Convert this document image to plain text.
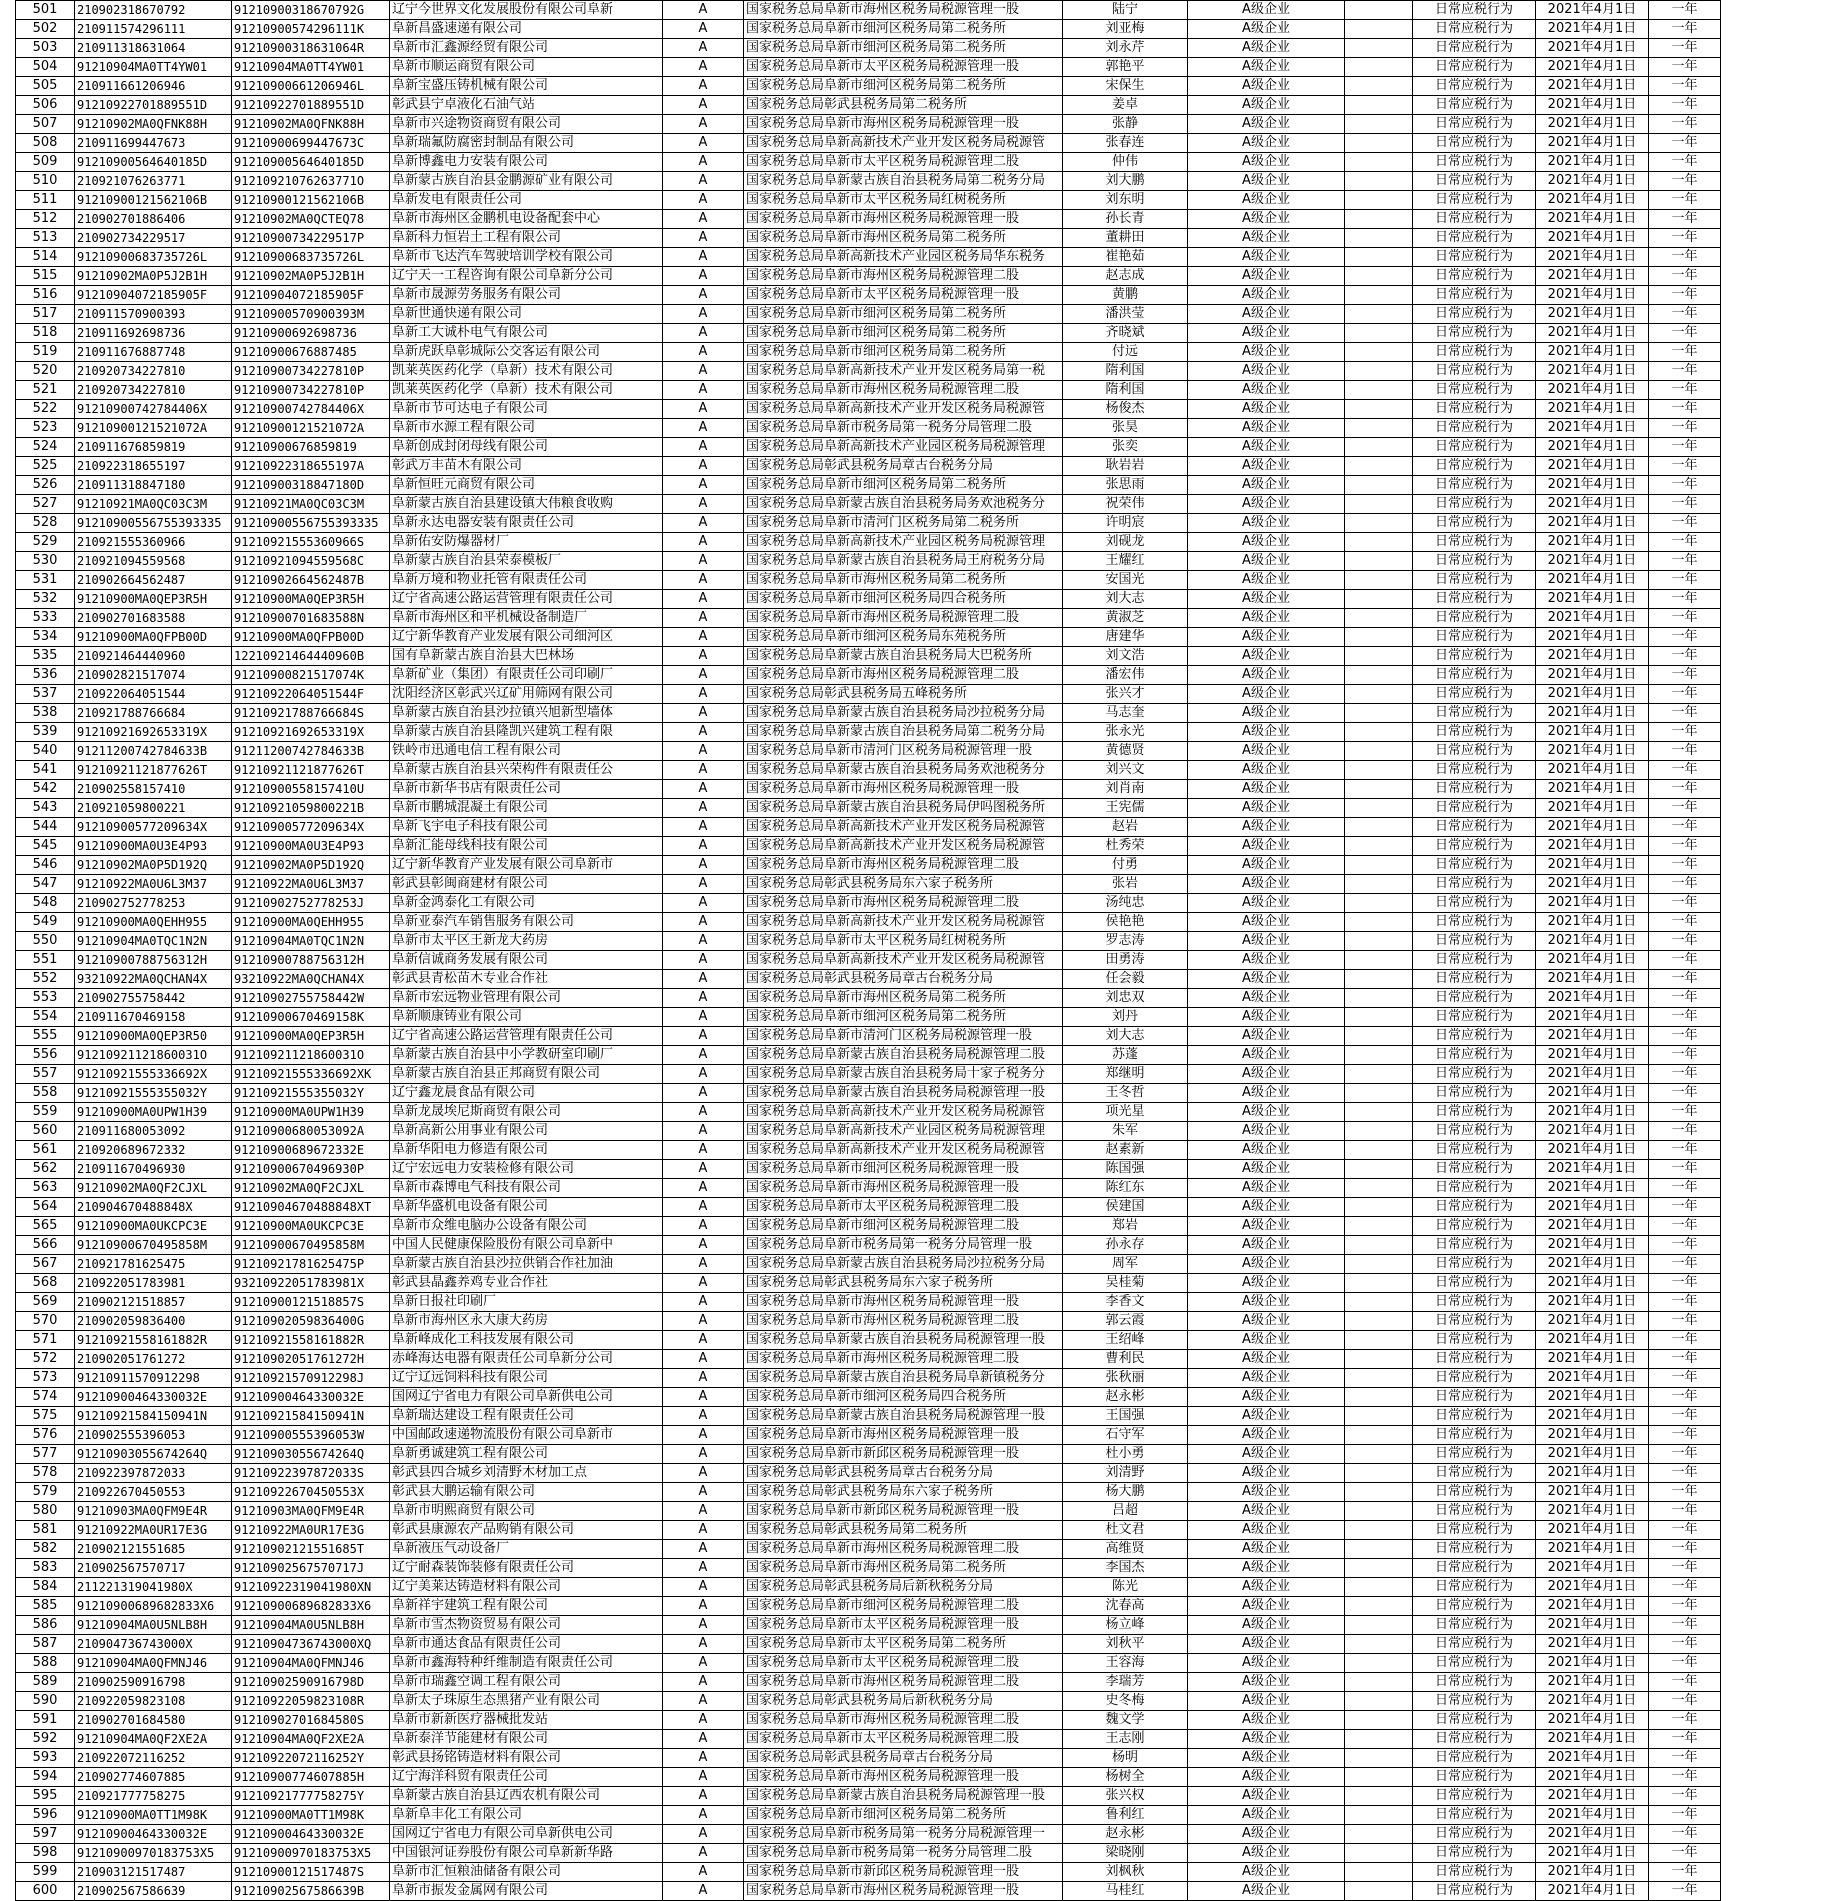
501	210902318670792	91210900318670792G	辽宁今世界文化发展股份有限公司阜新	A	国家税务总局阜新市海州区税务局税源管理一股	陆宁	A级企业		日常应税行为	2021年4月1日	一年
502	210911574296111	91210900574296111K	阜新昌盛速递有限公司	A	国家税务总局阜新市细河区税务局第二税务所	刘亚梅	A级企业		日常应税行为	2021年4月1日	一年
503	210911318631064	91210900318631064R	阜新市汇鑫源经贸有限公司	A	国家税务总局阜新市细河区税务局第二税务所	刘永芹	A级企业		日常应税行为	2021年4月1日	一年
504	91210904MA0TT4YW01	91210904MA0TT4YW01	阜新市顺运商贸有限公司	A	国家税务总局阜新市太平区税务局税源管理一股	郭艳平	A级企业		日常应税行为	2021年4月1日	一年
505	210911661206946	91210900661206946L	阜新宝盛压铸机械有限公司	A	国家税务总局阜新市细河区税务局第二税务所	宋保生	A级企业		日常应税行为	2021年4月1日	一年
506	91210922701889551D	91210922701889551D	彰武县宁卓液化石油气站	A	国家税务总局彰武县税务局第二税务所	姜卓	A级企业		日常应税行为	2021年4月1日	一年
507	91210902MA0QFNK88H	91210902MA0QFNK88H	阜新市兴途物资商贸有限公司	A	国家税务总局阜新市海州区税务局税源管理一股	张静	A级企业		日常应税行为	2021年4月1日	一年
508	210911699447673	91210900699447673C	阜新瑞氟防腐密封制品有限公司	A	国家税务总局阜新高新技术产业开发区税务局税源管	张春连	A级企业		日常应税行为	2021年4月1日	一年
509	91210900564640185D	91210900564640185D	阜新博鑫电力安装有限公司	A	国家税务总局阜新市太平区税务局税源管理二股	仲伟	A级企业		日常应税行为	2021年4月1日	一年
510	210921076263771	91210921076263771O	阜新蒙古族自治县金鹏源矿业有限公司	A	国家税务总局阜新蒙古族自治县税务局第二税务分局	刘大鹏	A级企业		日常应税行为	2021年4月1日	一年
511	91210900121562106B	91210900121562106B	阜新发电有限责任公司	A	国家税务总局阜新市太平区税务局红树税务所	刘东明	A级企业		日常应税行为	2021年4月1日	一年
512	210902701886406	91210902MA0QCTEQ78	阜新市海州区金鹏机电设备配套中心	A	国家税务总局阜新市海州区税务局税源管理一股	孙长青	A级企业		日常应税行为	2021年4月1日	一年
513	210902734229517	91210900734229517P	阜新科力恒岩土工程有限公司	A	国家税务总局阜新市海州区税务局第二税务所	董耕田	A级企业		日常应税行为	2021年4月1日	一年
514	91210900683735726L	91210900683735726L	阜新市飞达汽车驾驶培训学校有限公司	A	国家税务总局阜新高新技术产业园区税务局华东税务	崔艳茹	A级企业		日常应税行为	2021年4月1日	一年
515	91210902MA0P5J2B1H	91210902MA0P5J2B1H	辽宁天一工程咨询有限公司阜新分公司	A	国家税务总局阜新市海州区税务局税源管理二股	赵志成	A级企业		日常应税行为	2021年4月1日	一年
516	91210904072185905F	91210904072185905F	阜新市晟源劳务服务有限公司	A	国家税务总局阜新市太平区税务局税源管理一股	黄鹏	A级企业		日常应税行为	2021年4月1日	一年
517	210911570900393	91210900570900393M	阜新世通快递有限公司	A	国家税务总局阜新市细河区税务局第二税务所	潘洪莹	A级企业		日常应税行为	2021年4月1日	一年
518	210911692698736	91210900692698736	阜新工大诚朴电气有限公司	A	国家税务总局阜新市细河区税务局第二税务所	齐晓斌	A级企业		日常应税行为	2021年4月1日	一年
519	210911676887748	91210900676887485	阜新虎跃阜彰城际公交客运有限公司	A	国家税务总局阜新市细河区税务局第二税务所	付远	A级企业		日常应税行为	2021年4月1日	一年
520	210920734227810	91210900734227810P	凯莱英医药化学（阜新）技术有限公司	A	国家税务总局阜新高新技术产业开发区税务局第一税	隋利国	A级企业		日常应税行为	2021年4月1日	一年
521	210920734227810	91210900734227810P	凯莱英医药化学（阜新）技术有限公司	A	国家税务总局阜新市海州区税务局税源管理二股	隋利国	A级企业		日常应税行为	2021年4月1日	一年
522	91210900742784406X	91210900742784406X	阜新市节可达电子有限公司	A	国家税务总局阜新高新技术产业开发区税务局税源管	杨俊杰	A级企业		日常应税行为	2021年4月1日	一年
523	91210900121521072A	91210900121521072A	阜新市水源工程有限公司	A	国家税务总局阜新市税务局第一税务分局管理二股	张昊	A级企业		日常应税行为	2021年4月1日	一年
524	210911676859819	91210900676859819	阜新创成封闭母线有限公司	A	国家税务总局阜新高新技术产业园区税务局税源管理	张奕	A级企业		日常应税行为	2021年4月1日	一年
525	210922318655197	91210922318655197A	彰武万丰苗木有限公司	A	国家税务总局彰武县税务局章古台税务分局	耿岩岩	A级企业		日常应税行为	2021年4月1日	一年
526	210911318847180	91210900318847180D	阜新恒旺元商贸有限公司	A	国家税务总局阜新市细河区税务局第二税务所	张思雨	A级企业		日常应税行为	2021年4月1日	一年
527	91210921MA0QC03C3M	91210921MA0QC03C3M	阜新蒙古族自治县建设镇大伟粮食收购	A	国家税务总局阜新蒙古族自治县税务局务欢池税务分	祝荣伟	A级企业		日常应税行为	2021年4月1日	一年
528	91210900556755393335	91210900556755393335	阜新永达电器安装有限责任公司	A	国家税务总局阜新市清河门区税务局第二税务所	许明宸	A级企业		日常应税行为	2021年4月1日	一年
529	210921555360966	91210921555360966S	阜新佑安防爆器材厂	A	国家税务总局阜新高新技术产业园区税务局税源管理	刘砚龙	A级企业		日常应税行为	2021年4月1日	一年
530	210921094559568	91210921094559568C	阜新蒙古族自治县荣泰模板厂	A	国家税务总局阜新蒙古族自治县税务局王府税务分局	王耀红	A级企业		日常应税行为	2021年4月1日	一年
531	210902664562487	91210902664562487B	阜新万境和物业托管有限责任公司	A	国家税务总局阜新市海州区税务局第二税务所	安国光	A级企业		日常应税行为	2021年4月1日	一年
532	91210900MA0QEP3R5H	91210900MA0QEP3R5H	辽宁省高速公路运营管理有限责任公司	A	国家税务总局阜新市细河区税务局四合税务所	刘大志	A级企业		日常应税行为	2021年4月1日	一年
533	210902701683588	91210900701683588N	阜新市海州区和平机械设备制造厂	A	国家税务总局阜新市海州区税务局税源管理二股	黄淑芝	A级企业		日常应税行为	2021年4月1日	一年
534	91210900MA0QFPB00D	91210900MA0QFPB00D	辽宁新华教育产业发展有限公司细河区	A	国家税务总局阜新市细河区税务局东苑税务所	唐建华	A级企业		日常应税行为	2021年4月1日	一年
535	210921464440960	12210921464440960B	国有阜新蒙古族自治县大巴林场	A	国家税务总局阜新蒙古族自治县税务局大巴税务所	刘文浩	A级企业		日常应税行为	2021年4月1日	一年
536	210902821517074	91210900821517074K	阜新矿业（集团）有限责任公司印刷厂	A	国家税务总局阜新市海州区税务局税源管理二股	潘宏伟	A级企业		日常应税行为	2021年4月1日	一年
537	210922064051544	91210922064051544F	沈阳经济区彰武兴辽矿用筛网有限公司	A	国家税务总局彰武县税务局五峰税务所	张兴才	A级企业		日常应税行为	2021年4月1日	一年
538	210921788766684	91210921788766684S	阜新蒙古族自治县沙拉镇兴旭新型墙体	A	国家税务总局阜新蒙古族自治县税务局沙拉税务分局	马志奎	A级企业		日常应税行为	2021年4月1日	一年
539	91210921692653319X	91210921692653319X	阜新蒙古族自治县隆凯兴建筑工程有限	A	国家税务总局阜新蒙古族自治县税务局第二税务分局	张永光	A级企业		日常应税行为	2021年4月1日	一年
540	91211200742784633B	91211200742784633B	铁岭市迅通电信工程有限公司	A	国家税务总局阜新市清河门区税务局税源管理一股	黄德贤	A级企业		日常应税行为	2021年4月1日	一年
541	91210921121877626T	91210921121877626T	阜新蒙古族自治县兴荣构件有限责任公	A	国家税务总局阜新蒙古族自治县税务局务欢池税务分	刘兴文	A级企业		日常应税行为	2021年4月1日	一年
542	210902558157410	91210900558157410U	阜新市新华书店有限责任公司	A	国家税务总局阜新市海州区税务局税源管理一股	刘肖南	A级企业		日常应税行为	2021年4月1日	一年
543	210921059800221	91210921059800221B	阜新市鹏城混凝土有限公司	A	国家税务总局阜新蒙古族自治县税务局伊吗图税务所	王宪儒	A级企业		日常应税行为	2021年4月1日	一年
544	91210900577209634X	91210900577209634X	阜新飞宇电子科技有限公司	A	国家税务总局阜新高新技术产业开发区税务局税源管	赵岩	A级企业		日常应税行为	2021年4月1日	一年
545	91210900MA0U3E4P93	91210900MA0U3E4P93	阜新汇能母线科技有限公司	A	国家税务总局阜新高新技术产业开发区税务局税源管	杜秀荣	A级企业		日常应税行为	2021年4月1日	一年
546	91210902MA0P5D192Q	91210902MA0P5D192Q	辽宁新华教育产业发展有限公司阜新市	A	国家税务总局阜新市海州区税务局税源管理二股	付勇	A级企业		日常应税行为	2021年4月1日	一年
547	91210922MA0U6L3M37	91210922MA0U6L3M37	彰武县彰闽商建材有限公司	A	国家税务总局彰武县税务局东六家子税务所	张岩	A级企业		日常应税行为	2021年4月1日	一年
548	210902752778253	91210902752778253J	阜新金鸿泰化工有限公司	A	国家税务总局阜新市海州区税务局税源管理二股	汤纯忠	A级企业		日常应税行为	2021年4月1日	一年
549	91210900MA0QEHH955	91210900MA0QEHH955	阜新亚泰汽车销售服务有限公司	A	国家税务总局阜新高新技术产业开发区税务局税源管	侯艳艳	A级企业		日常应税行为	2021年4月1日	一年
550	91210904MA0TQC1N2N	91210904MA0TQC1N2N	阜新市太平区王新龙大药房	A	国家税务总局阜新市太平区税务局红树税务所	罗志涛	A级企业		日常应税行为	2021年4月1日	一年
551	91210900788756312H	91210900788756312H	阜新信诚商务发展有限公司	A	国家税务总局阜新高新技术产业开发区税务局税源管	田勇涛	A级企业		日常应税行为	2021年4月1日	一年
552	93210922MA0QCHAN4X	93210922MA0QCHAN4X	彰武县青松苗木专业合作社	A	国家税务总局彰武县税务局章古台税务分局	任会毅	A级企业		日常应税行为	2021年4月1日	一年
553	210902755758442	91210902755758442W	阜新市宏远物业管理有限公司	A	国家税务总局阜新市海州区税务局第二税务所	刘忠双	A级企业		日常应税行为	2021年4月1日	一年
554	210911670469158	91210900670469158K	阜新顺康铸业有限公司	A	国家税务总局阜新市细河区税务局第二税务所	刘丹	A级企业		日常应税行为	2021年4月1日	一年
555	91210900MA0QEP3R50	91210900MA0QEP3R5H	辽宁省高速公路运营管理有限责任公司	A	国家税务总局阜新市清河门区税务局税源管理一股	刘大志	A级企业		日常应税行为	2021年4月1日	一年
556	91210921121860031O	91210921121860031O	阜新蒙古族自治县中小学教研室印刷厂	A	国家税务总局阜新蒙古族自治县税务局税源管理二股	苏蓬	A级企业		日常应税行为	2021年4月1日	一年
557	91210921555336692X	91210921555336692XK	阜新蒙古族自治县正邦商贸有限公司	A	国家税务总局阜新蒙古族自治县税务局十家子税务分	郑继明	A级企业		日常应税行为	2021年4月1日	一年
558	91210921555355032Y	91210921555355032Y	辽宁鑫龙晨食品有限公司	A	国家税务总局阜新蒙古族自治县税务局税源管理一股	王冬哲	A级企业		日常应税行为	2021年4月1日	一年
559	91210900MA0UPW1H39	91210900MA0UPW1H39	阜新龙晟埃尼斯商贸有限公司	A	国家税务总局阜新高新技术产业开发区税务局税源管	项光星	A级企业		日常应税行为	2021年4月1日	一年
560	210911680053092	91210900680053092A	阜新高新公用事业有限公司	A	国家税务总局阜新高新技术产业园区税务局税源管理	朱军	A级企业		日常应税行为	2021年4月1日	一年
561	210920689672332	91210900689672332E	阜新华阳电力修造有限公司	A	国家税务总局阜新高新技术产业开发区税务局税源管	赵素新	A级企业		日常应税行为	2021年4月1日	一年
562	210911670496930	91210900670496930P	辽宁宏远电力安装检修有限公司	A	国家税务总局阜新市细河区税务局税源管理一股	陈国强	A级企业		日常应税行为	2021年4月1日	一年
563	91210902MA0QF2CJXL	91210902MA0QF2CJXL	阜新市森博电气科技有限公司	A	国家税务总局阜新市海州区税务局税源管理一股	陈红东	A级企业		日常应税行为	2021年4月1日	一年
564	210904670488848X	91210904670488848XT	阜新华盛机电设备有限公司	A	国家税务总局阜新市太平区税务局税源管理二股	侯建国	A级企业		日常应税行为	2021年4月1日	一年
565	91210900MA0UKCPC3E	91210900MA0UKCPC3E	阜新市众维电脑办公设备有限公司	A	国家税务总局阜新市细河区税务局税源管理二股	郑岩	A级企业		日常应税行为	2021年4月1日	一年
566	91210900670495858M	91210900670495858M	中国人民健康保险股份有限公司阜新中	A	国家税务总局阜新市税务局第一税务分局管理一股	孙永存	A级企业		日常应税行为	2021年4月1日	一年
567	210921781625475	91210921781625475P	阜新蒙古族自治县沙拉供销合作社加油	A	国家税务总局阜新蒙古族自治县税务局沙拉税务分局	周军	A级企业		日常应税行为	2021年4月1日	一年
568	210922051783981	93210922051783981X	彰武县晶鑫养鸡专业合作社	A	国家税务总局彰武县税务局东六家子税务所	吴桂菊	A级企业		日常应税行为	2021年4月1日	一年
569	210902121518857	91210900121518857S	阜新日报社印刷厂	A	国家税务总局阜新市海州区税务局税源管理一股	李香文	A级企业		日常应税行为	2021年4月1日	一年
570	210902059836400	91210902059836400G	阜新市海州区永大康大药房	A	国家税务总局阜新市海州区税务局税源管理二股	郭云霞	A级企业		日常应税行为	2021年4月1日	一年
571	91210921558161882R	91210921558161882R	阜新峰成化工科技发展有限公司	A	国家税务总局阜新蒙古族自治县税务局税源管理一股	王绍峰	A级企业		日常应税行为	2021年4月1日	一年
572	210902051761272	91210902051761272H	赤峰海达电器有限责任公司阜新分公司	A	国家税务总局阜新市海州区税务局税源管理二股	曹利民	A级企业		日常应税行为	2021年4月1日	一年
573	91210911570912298	91210921570912298J	辽宁辽远饲料科技有限公司	A	国家税务总局阜新蒙古族自治县税务局阜新镇税务分	张秋丽	A级企业		日常应税行为	2021年4月1日	一年
574	91210900464330032E	91210900464330032E	国网辽宁省电力有限公司阜新供电公司	A	国家税务总局阜新市细河区税务局四合税务所	赵永彬	A级企业		日常应税行为	2021年4月1日	一年
575	91210921584150941N	91210921584150941N	阜新瑞达建设工程有限责任公司	A	国家税务总局阜新蒙古族自治县税务局税源管理一股	王国强	A级企业		日常应税行为	2021年4月1日	一年
576	210902555396053	91210900555396053W	中国邮政速递物流股份有限公司阜新市	A	国家税务总局阜新市海州区税务局税源管理一股	石守军	A级企业		日常应税行为	2021年4月1日	一年
577	91210903055674264Q	91210903055674264Q	阜新勇诚建筑工程有限公司	A	国家税务总局阜新市新邱区税务局税源管理一股	杜小勇	A级企业		日常应税行为	2021年4月1日	一年
578	210922397872033	91210922397872033S	彰武县四合城乡刘清野木材加工点	A	国家税务总局彰武县税务局章古台税务分局	刘清野	A级企业		日常应税行为	2021年4月1日	一年
579	210922670450553	91210922670450553X	彰武县大鹏运输有限公司	A	国家税务总局彰武县税务局东六家子税务所	杨大鹏	A级企业		日常应税行为	2021年4月1日	一年
580	91210903MA0QFM9E4R	91210903MA0QFM9E4R	阜新市明熙商贸有限公司	A	国家税务总局阜新市新邱区税务局税源管理一股	吕超	A级企业		日常应税行为	2021年4月1日	一年
581	91210922MA0UR17E3G	91210922MA0UR17E3G	彰武县康源农产品购销有限公司	A	国家税务总局彰武县税务局第二税务所	杜文君	A级企业		日常应税行为	2021年4月1日	一年
582	210902121551685	91210902121551685T	阜新液压气动设备厂	A	国家税务总局阜新市海州区税务局税源管理二股	高维贤	A级企业		日常应税行为	2021年4月1日	一年
583	210902567570717	91210902567570717J	辽宁耐森装饰装修有限责任公司	A	国家税务总局阜新市海州区税务局第二税务所	李国杰	A级企业		日常应税行为	2021年4月1日	一年
584	211221319041980X	91210922319041980XN	辽宁美莱达铸造材料有限公司	A	国家税务总局彰武县税务局后新秋税务分局	陈光	A级企业		日常应税行为	2021年4月1日	一年
585	91210900689682833X6	91210900689682833X6	阜新祥宇建筑工程有限公司	A	国家税务总局阜新市细河区税务局税源管理二股	沈春高	A级企业		日常应税行为	2021年4月1日	一年
586	91210904MA0U5NLB8H	91210904MA0U5NLB8H	阜新市雪杰物资贸易有限公司	A	国家税务总局阜新市太平区税务局税源管理一股	杨立峰	A级企业		日常应税行为	2021年4月1日	一年
587	210904736743000X	91210904736743000XQ	阜新市通达食品有限责任公司	A	国家税务总局阜新市太平区税务局第二税务所	刘秋平	A级企业		日常应税行为	2021年4月1日	一年
588	91210904MA0QFMNJ46	91210904MA0QFMNJ46	阜新市鑫海特种纤维制造有限责任公司	A	国家税务总局阜新市太平区税务局税源管理二股	王容海	A级企业		日常应税行为	2021年4月1日	一年
589	210902590916798	91210902590916798D	阜新市瑞鑫空调工程有限公司	A	国家税务总局阜新市海州区税务局税源管理二股	李瑞芳	A级企业		日常应税行为	2021年4月1日	一年
590	210922059823108	91210922059823108R	阜新太子珠原生态黑猪产业有限公司	A	国家税务总局彰武县税务局后新秋税务分局	史冬梅	A级企业		日常应税行为	2021年4月1日	一年
591	210902701684580	91210902701684580S	阜新市新新医疗器械批发站	A	国家税务总局阜新市海州区税务局税源管理二股	魏文学	A级企业		日常应税行为	2021年4月1日	一年
592	91210904MA0QF2XE2A	91210904MA0QF2XE2A	阜新泰洋节能建材有限公司	A	国家税务总局阜新市太平区税务局税源管理二股	王志刚	A级企业		日常应税行为	2021年4月1日	一年
593	210922072116252	91210922072116252Y	彰武县扬铭铸造材料有限公司	A	国家税务总局彰武县税务局章古台税务分局	杨明	A级企业		日常应税行为	2021年4月1日	一年
594	210902774607885	91210900774607885H	辽宁海洋科贸有限责任公司	A	国家税务总局阜新市海州区税务局税源管理一股	杨树全	A级企业		日常应税行为	2021年4月1日	一年
595	210921777758275	91210921777758275Y	阜新蒙古族自治县辽西农机有限公司	A	国家税务总局阜新蒙古族自治县税务局税源管理一股	张兴权	A级企业		日常应税行为	2021年4月1日	一年
596	91210900MA0TT1M98K	91210900MA0TT1M98K	阜新阜丰化工有限公司	A	国家税务总局阜新市细河区税务局第二税务所	鲁利红	A级企业		日常应税行为	2021年4月1日	一年
597	91210900464330032E	91210900464330032E	国网辽宁省电力有限公司阜新供电公司	A	国家税务总局阜新市税务局第一税务分局税源管理一	赵永彬	A级企业		日常应税行为	2021年4月1日	一年
598	91210900970183753X5	91210900970183753X5	中国银河证券股份有限公司阜新新华路	A	国家税务总局阜新市税务局第一税务分局管理二股	梁晓刚	A级企业		日常应税行为	2021年4月1日	一年
599	210903121517487	91210900121517487S	阜新市汇恒粮油储备有限公司	A	国家税务总局阜新市新邱区税务局税源管理一股	刘枫秋	A级企业		日常应税行为	2021年4月1日	一年
600	210902567586639	91210902567586639B	阜新市振发金属网有限公司	A	国家税务总局阜新市海州区税务局税源管理一股	马桂红	A级企业		日常应税行为	2021年4月1日	一年
